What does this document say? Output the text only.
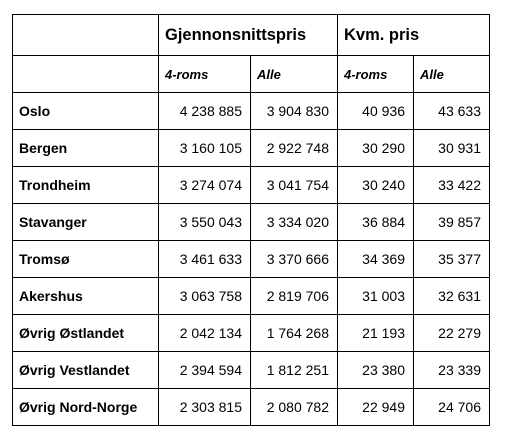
	Gjennonsnittspris		Kvm. pris	
	4-roms	Alle	4-roms	Alle
Oslo	4 238 885	3 904 830	40 936	43 633
Bergen	3 160 105	2 922 748	30 290	30 931
Trondheim	3 274 074	3 041 754	30 240	33 422
Stavanger	3 550 043	3 334 020	36 884	39 857
Tromsø	3 461 633	3 370 666	34 369	35 377
Akershus	3 063 758	2 819 706	31 003	32 631
Øvrig Østlandet	2 042 134	1 764 268	21 193	22 279
Øvrig Vestlandet	2 394 594	1 812 251	23 380	23 339
Øvrig Nord-Norge	2 303 815	2 080 782	22 949	24 706
